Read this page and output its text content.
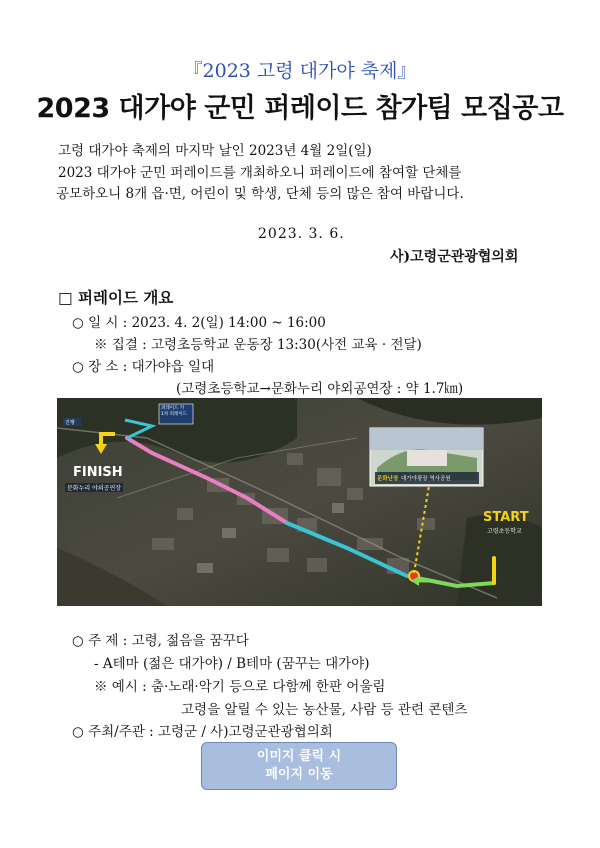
『2023 고령 대가야 축제』
2023 대가야 군민 퍼레이드 참가팀 모집공고
고령 대가야 축제의 마지막 날인 2023년 4월 2일(일)
2023 대가야 군민 퍼레이드를 개최하오니 퍼레이드에 참여할 단체를
공모하오니 8개 읍·면, 어린이 및 학생, 단체 등의 많은 참여 바랍니다.
2023. 3. 6.
사)고령군관광협의회
□ 퍼레이드 개요
○ 일 시 : 2023. 4. 2(일) 14:00 ~ 16:00
※ 집결 : 고령초등학교 운동장 13:30(사전 교육 · 전달)
○ 장 소 : 대가야읍 일대
(고령초등학교→문화누리 야외공연장 : 약 1.7㎞)
FINISH
문화누리 야외공연장
START
고령초등학교
퍼레이드 카
1차 퍼레이드
진행
문화난장 대가야광장 역사공원
○ 주 제 : 고령, 젊음을 꿈꾸다
- A테마 (젊은 대가야) / B테마 (꿈꾸는 대가야)
※ 예시 : 춤·노래·악기 등으로 다함께 한판 어울림
고령을 알릴 수 있는 농산물, 사람 등 관련 콘텐츠
○ 주최/주관 : 고령군 / 사)고령군관광협의회
이미지 클릭 시
페이지 이동
